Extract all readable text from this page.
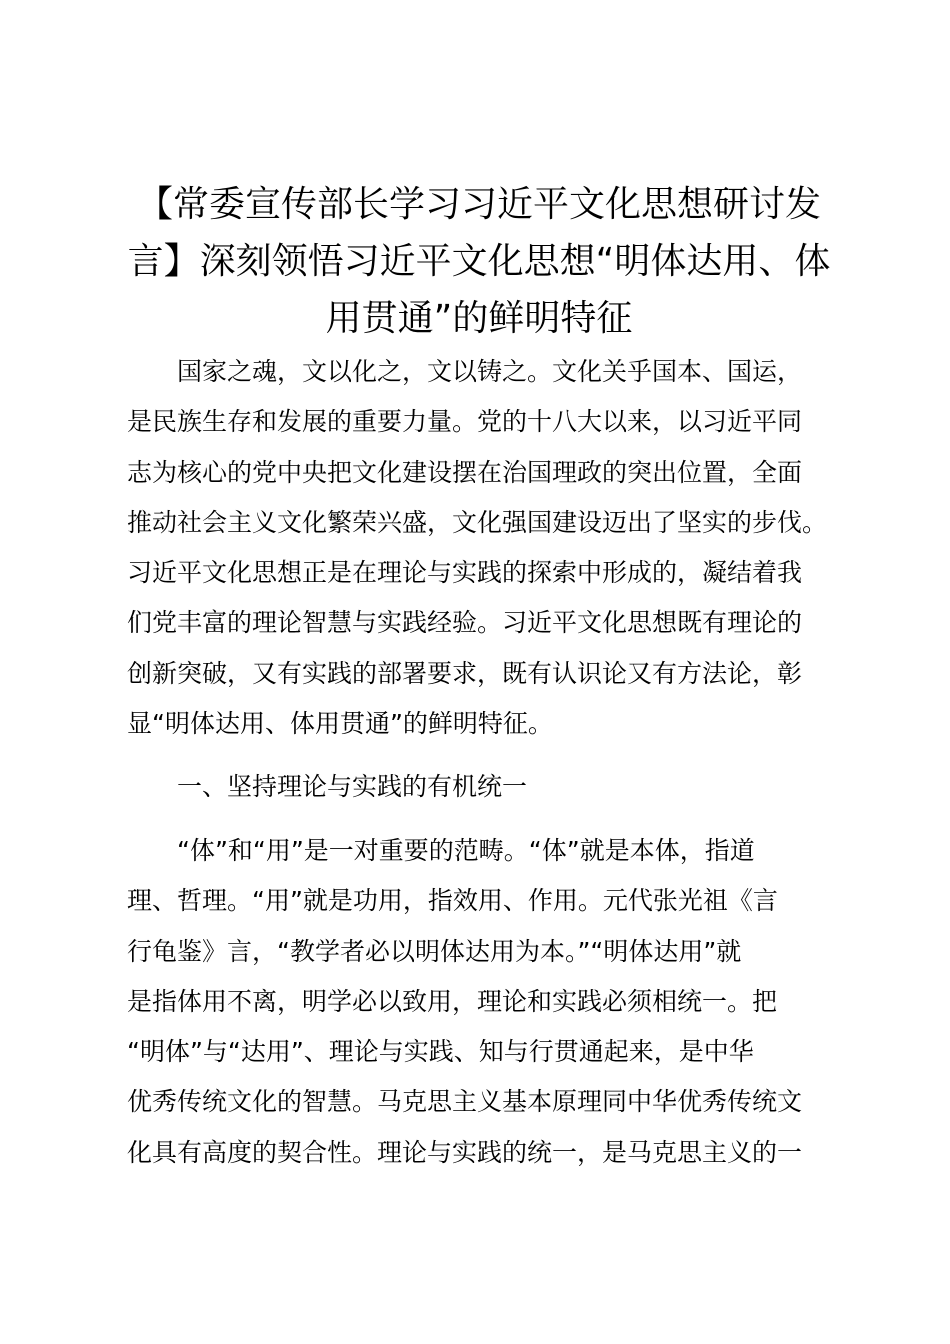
【常委宣传部长学习习近平文化思想研讨发
言】深刻领悟习近平文化思想“明体达用、体
用贯通”的鲜明特征

国家之魂，文以化之，文以铸之。文化关乎国本、国运，
是民族生存和发展的重要力量。党的十八大以来，以习近平同
志为核心的党中央把文化建设摆在治国理政的突出位置，全面
推动社会主义文化繁荣兴盛，文化强国建设迈出了坚实的步伐。
习近平文化思想正是在理论与实践的探索中形成的，凝结着我
们党丰富的理论智慧与实践经验。习近平文化思想既有理论的
创新突破，又有实践的部署要求，既有认识论又有方法论，彰
显“明体达用、体用贯通”的鲜明特征。

一、坚持理论与实践的有机统一

“体”和“用”是一对重要的范畴。“体”就是本体，指道
理、哲理。“用”就是功用，指效用、作用。元代张光祖《言
行龟鉴》言，“教学者必以明体达用为本。”“明体达用”就
是指体用不离，明学必以致用，理论和实践必须相统一。把
“明体”与“达用”、理论与实践、知与行贯通起来，是中华
优秀传统文化的智慧。马克思主义基本原理同中华优秀传统文
化具有高度的契合性。理论与实践的统一，是马克思主义的一
